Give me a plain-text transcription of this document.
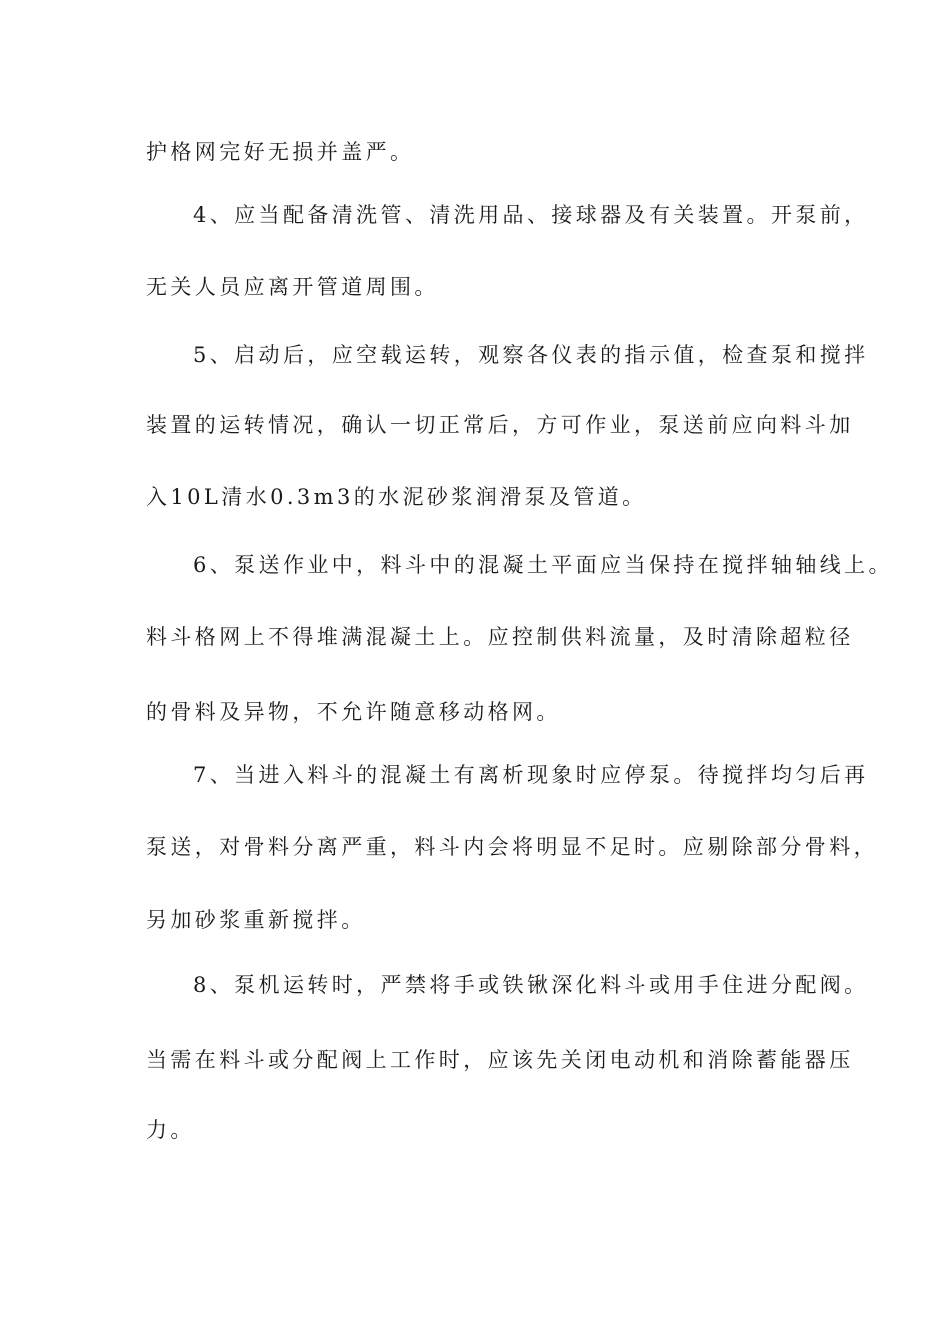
护格网完好无损并盖严。
4、应当配备清洗管、清洗用品、接球器及有关装置。开泵前，
无关人员应离开管道周围。
5、启动后，应空载运转，观察各仪表的指示值，检查泵和搅拌
装置的运转情况，确认一切正常后，方可作业，泵送前应向料斗加
入10L清水0.3m3的水泥砂浆润滑泵及管道。
6、泵送作业中，料斗中的混凝土平面应当保持在搅拌轴轴线上。
料斗格网上不得堆满混凝土上。应控制供料流量，及时清除超粒径
的骨料及异物，不允许随意移动格网。
7、当进入料斗的混凝土有离析现象时应停泵。待搅拌均匀后再
泵送，对骨料分离严重，料斗内会将明显不足时。应剔除部分骨料，
另加砂浆重新搅拌。
8、泵机运转时，严禁将手或铁锹深化料斗或用手住进分配阀。
当需在料斗或分配阀上工作时，应该先关闭电动机和消除蓄能器压
力。
